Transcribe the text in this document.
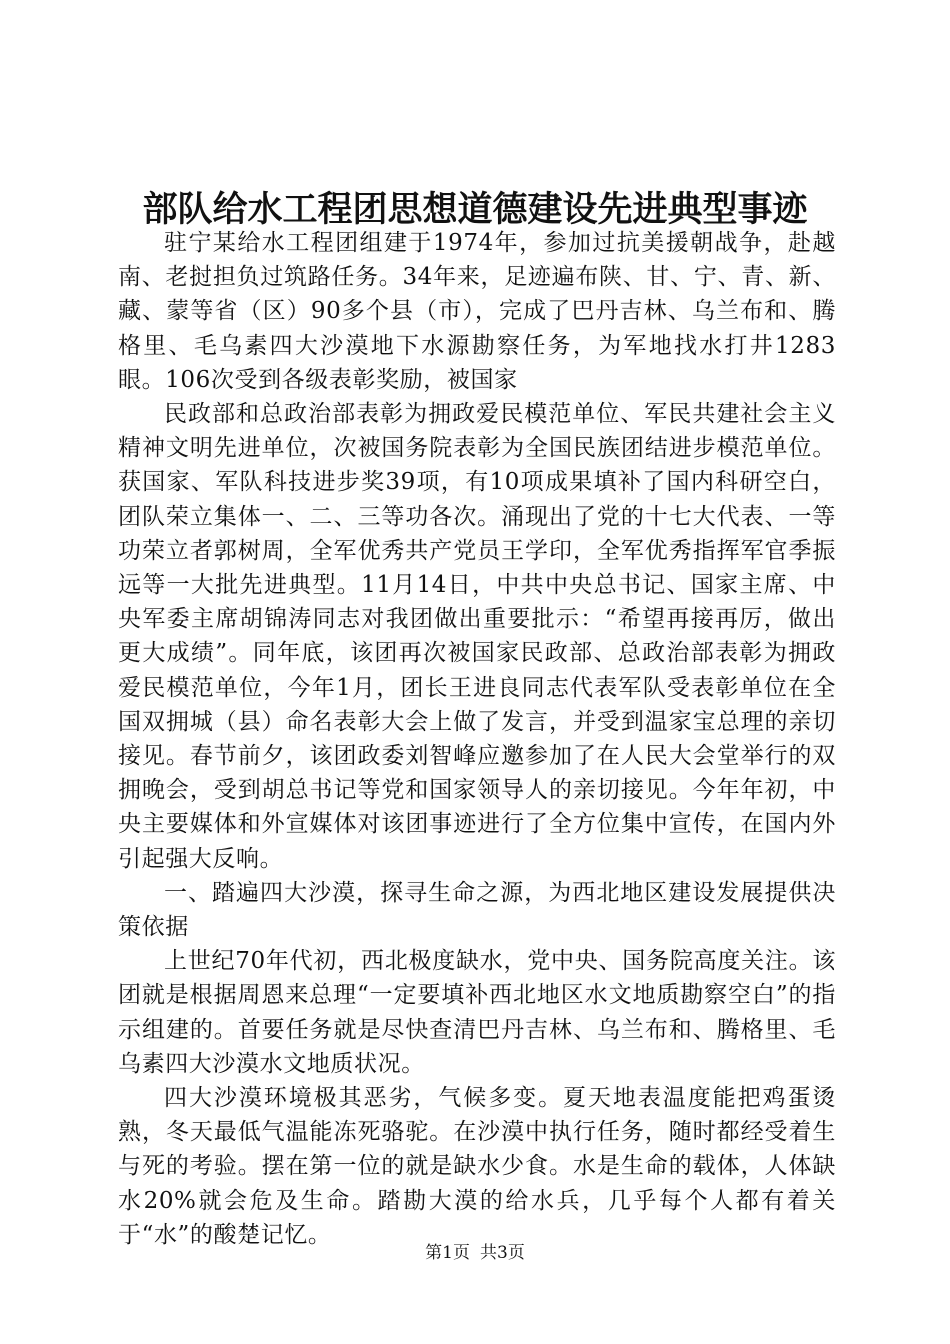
部队给水工程团思想道德建设先进典型事迹

驻宁某给水工程团组建于1974年，参加过抗美援朝战争，赴越南、老挝担负过筑路任务。34年来，足迹遍布陕、甘、宁、青、新、藏、蒙等省（区）90多个县（市），完成了巴丹吉林、乌兰布和、腾格里、毛乌素四大沙漠地下水源勘察任务，为军地找水打井1283眼。106次受到各级表彰奖励，被国家

民政部和总政治部表彰为拥政爱民模范单位、军民共建社会主义精神文明先进单位，次被国务院表彰为全国民族团结进步模范单位。获国家、军队科技进步奖39项，有10项成果填补了国内科研空白，团队荣立集体一、二、三等功各次。涌现出了党的十七大代表、一等功荣立者郭树周，全军优秀共产党员王学印，全军优秀指挥军官季振远等一大批先进典型。11月14日，中共中央总书记、国家主席、中央军委主席胡锦涛同志对我团做出重要批示：“希望再接再厉，做出更大成绩”。同年底，该团再次被国家民政部、总政治部表彰为拥政爱民模范单位，今年1月，团长王进良同志代表军队受表彰单位在全国双拥城（县）命名表彰大会上做了发言，并受到温家宝总理的亲切接见。春节前夕，该团政委刘智峰应邀参加了在人民大会堂举行的双拥晚会，受到胡总书记等党和国家领导人的亲切接见。今年年初，中央主要媒体和外宣媒体对该团事迹进行了全方位集中宣传，在国内外引起强大反响。

一、踏遍四大沙漠，探寻生命之源，为西北地区建设发展提供决策依据

上世纪70年代初，西北极度缺水，党中央、国务院高度关注。该团就是根据周恩来总理“一定要填补西北地区水文地质勘察空白”的指示组建的。首要任务就是尽快查清巴丹吉林、乌兰布和、腾格里、毛乌素四大沙漠水文地质状况。

四大沙漠环境极其恶劣，气候多变。夏天地表温度能把鸡蛋烫熟，冬天最低气温能冻死骆驼。在沙漠中执行任务，随时都经受着生与死的考验。摆在第一位的就是缺水少食。水是生命的载体，人体缺水20%就会危及生命。踏勘大漠的给水兵，几乎每个人都有着关于“水”的酸楚记忆。

第1页 共3页
